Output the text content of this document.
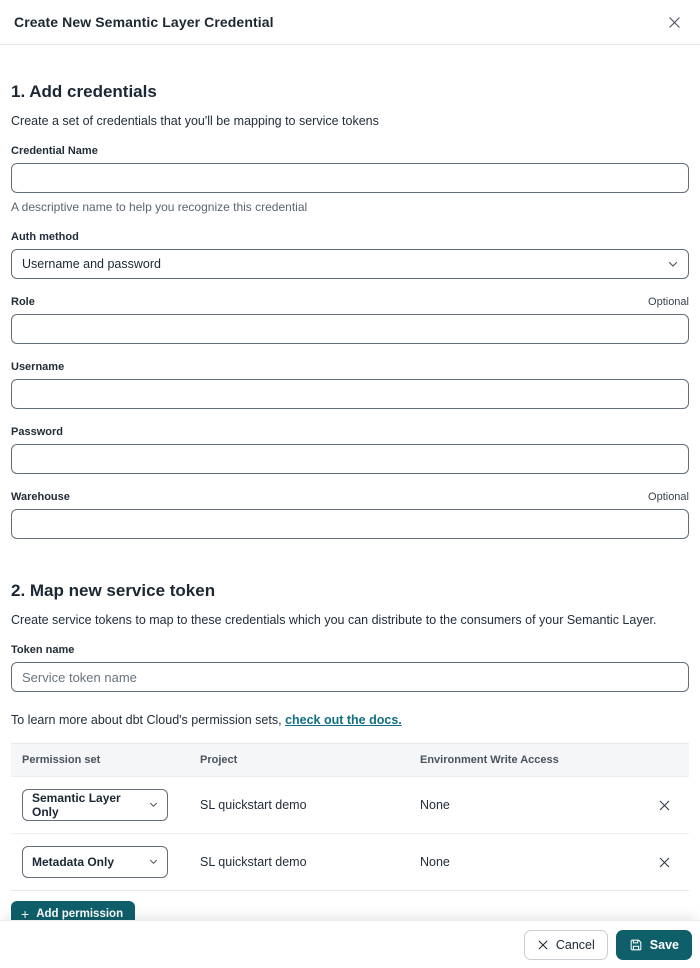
Create New Semantic Layer Credential
1. Add credentials
Create a set of credentials that you'll be mapping to service tokens
Credential Name
A descriptive name to help you recognize this credential
Auth method
Username and password
Role	Optional
Username
Password
Warehouse	Optional
2. Map new service token
Create service tokens to map to these credentials which you can distribute to the consumers of your Semantic Layer.
Token name
Service token name
To learn more about dbt Cloud's permission sets, check out the docs.
Permission set	Project	Environment Write Access
Semantic Layer Only	SL quickstart demo	None
Metadata Only	SL quickstart demo	None
+ Add permission
Cancel	Save
